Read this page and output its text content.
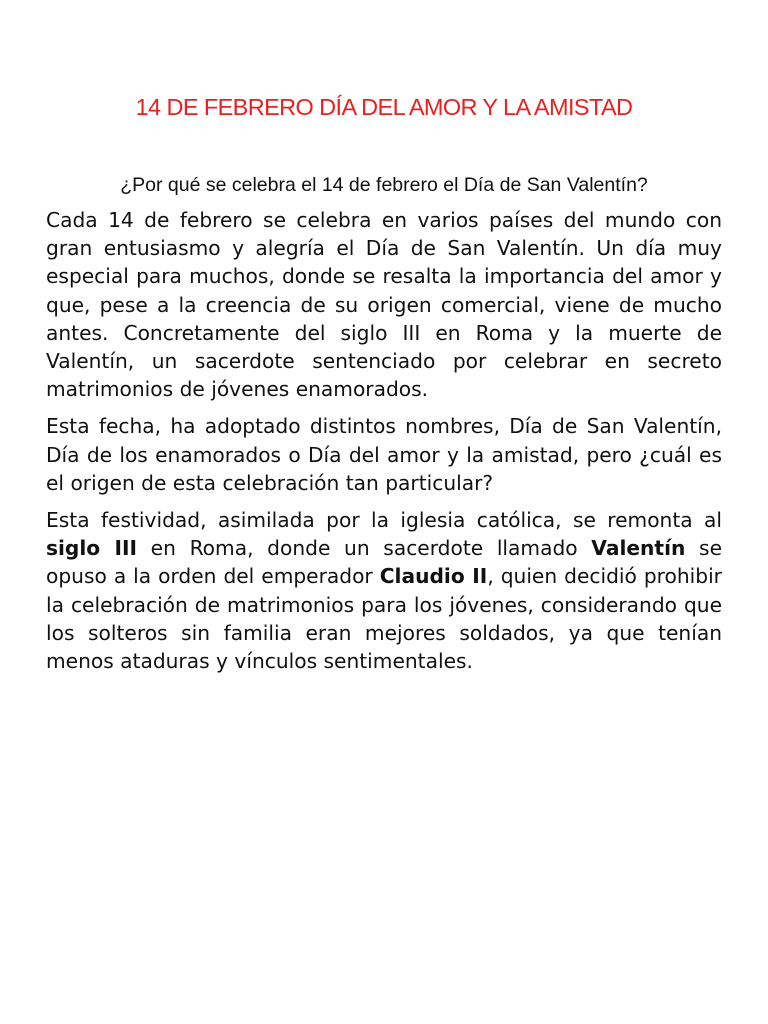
14 DE FEBRERO DÍA DEL AMOR Y LA AMISTAD

¿Por qué se celebra el 14 de febrero el Día de San Valentín?

Cada 14 de febrero se celebra en varios países del mundo con gran entusiasmo y alegría el Día de San Valentín. Un día muy especial para muchos, donde se resalta la importancia del amor y que, pese a la creencia de su origen comercial, viene de mucho antes. Concretamente del siglo III en Roma y la muerte de Valentín, un sacerdote sentenciado por celebrar en secreto matrimonios de jóvenes enamorados.

Esta fecha, ha adoptado distintos nombres, Día de San Valentín, Día de los enamorados o Día del amor y la amistad, pero ¿cuál es el origen de esta celebración tan particular?

Esta festividad, asimilada por la iglesia católica, se remonta al siglo III en Roma, donde un sacerdote llamado Valentín se opuso a la orden del emperador Claudio II, quien decidió prohibir la celebración de matrimonios para los jóvenes, considerando que los solteros sin familia eran mejores soldados, ya que tenían menos ataduras y vínculos sentimentales.
